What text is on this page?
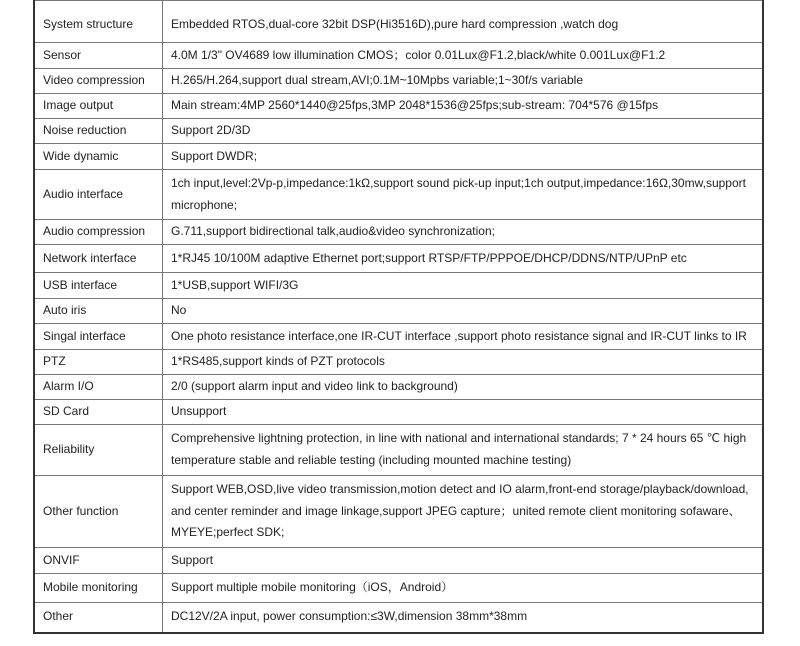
System structure	Embedded RTOS,dual-core 32bit DSP(Hi3516D),pure hard compression ,watch dog
Sensor	4.0M 1/3" OV4689 low illumination CMOS；color 0.01Lux@F1.2,black/white 0.001Lux@F1.2
Video compression	H.265/H.264,support dual stream,AVI;0.1M~10Mpbs variable;1~30f/s variable
Image output	Main stream:4MP 2560*1440@25fps,3MP 2048*1536@25fps;sub-stream: 704*576 @15fps
Noise reduction	Support 2D/3D
Wide dynamic	Support DWDR;
Audio interface	1ch input,level:2Vp-p,impedance:1kΩ,support sound pick-up input;1ch output,impedance:16Ω,30mw,support microphone;
Audio compression	G.711,support bidirectional talk,audio&video synchronization;
Network interface	1*RJ45 10/100M adaptive Ethernet port;support RTSP/FTP/PPPOE/DHCP/DDNS/NTP/UPnP etc
USB interface	1*USB,support WIFI/3G
Auto iris	No
Singal interface	One photo resistance interface,one IR-CUT interface ,support photo resistance signal and IR-CUT links to IR
PTZ	1*RS485,support kinds of PZT protocols
Alarm I/O	2/0 (support alarm input and video link to background)
SD Card	Unsupport
Reliability	Comprehensive lightning protection, in line with national and international standards; 7 * 24 hours 65 ℃ high temperature stable and reliable testing (including mounted machine testing)
Other function	Support WEB,OSD,live video transmission,motion detect and IO alarm,front-end storage/playback/download, and center reminder and image linkage,support JPEG capture；united remote client monitoring sofaware、MYEYE;perfect SDK;
ONVIF	Support
Mobile monitoring	Support multiple mobile monitoring（iOS，Android）
Other	DC12V/2A input, power consumption:≤3W,dimension 38mm*38mm
